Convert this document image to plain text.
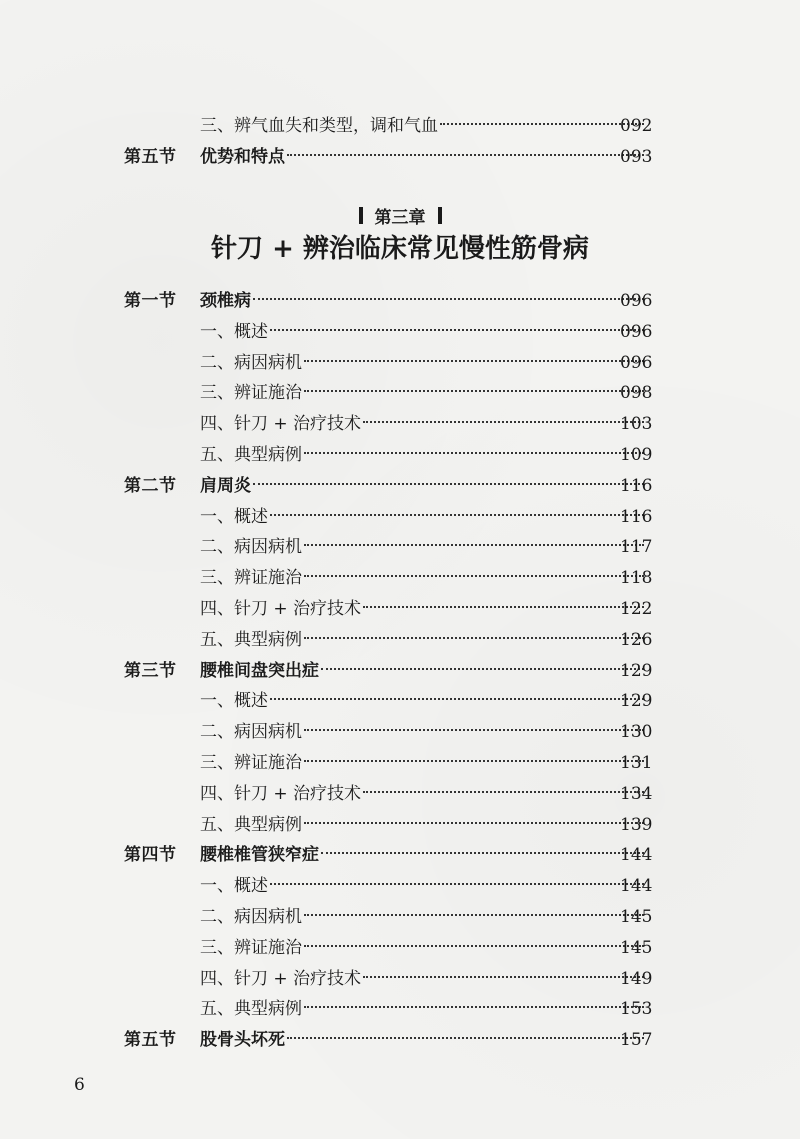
三、辨气血失和类型，调和气血	092
第五节 优势和特点	093
第一节 颈椎病	096
一、概述	096
二、病因病机	096
三、辨证施治	098
四、针刀 + 治疗技术	103
五、典型病例	109
第二节 肩周炎	116
一、概述	116
二、病因病机	117
三、辨证施治	118
四、针刀 + 治疗技术	122
五、典型病例	126
第三节 腰椎间盘突出症	129
一、概述	129
二、病因病机	130
三、辨证施治	131
四、针刀 + 治疗技术	134
五、典型病例	139
第四节 腰椎椎管狭窄症	144
一、概述	144
二、病因病机	145
三、辨证施治	145
四、针刀 + 治疗技术	149
五、典型病例	153
第五节 股骨头坏死	157
第三章
针刀 + 辨治临床常见慢性筋骨病
6
